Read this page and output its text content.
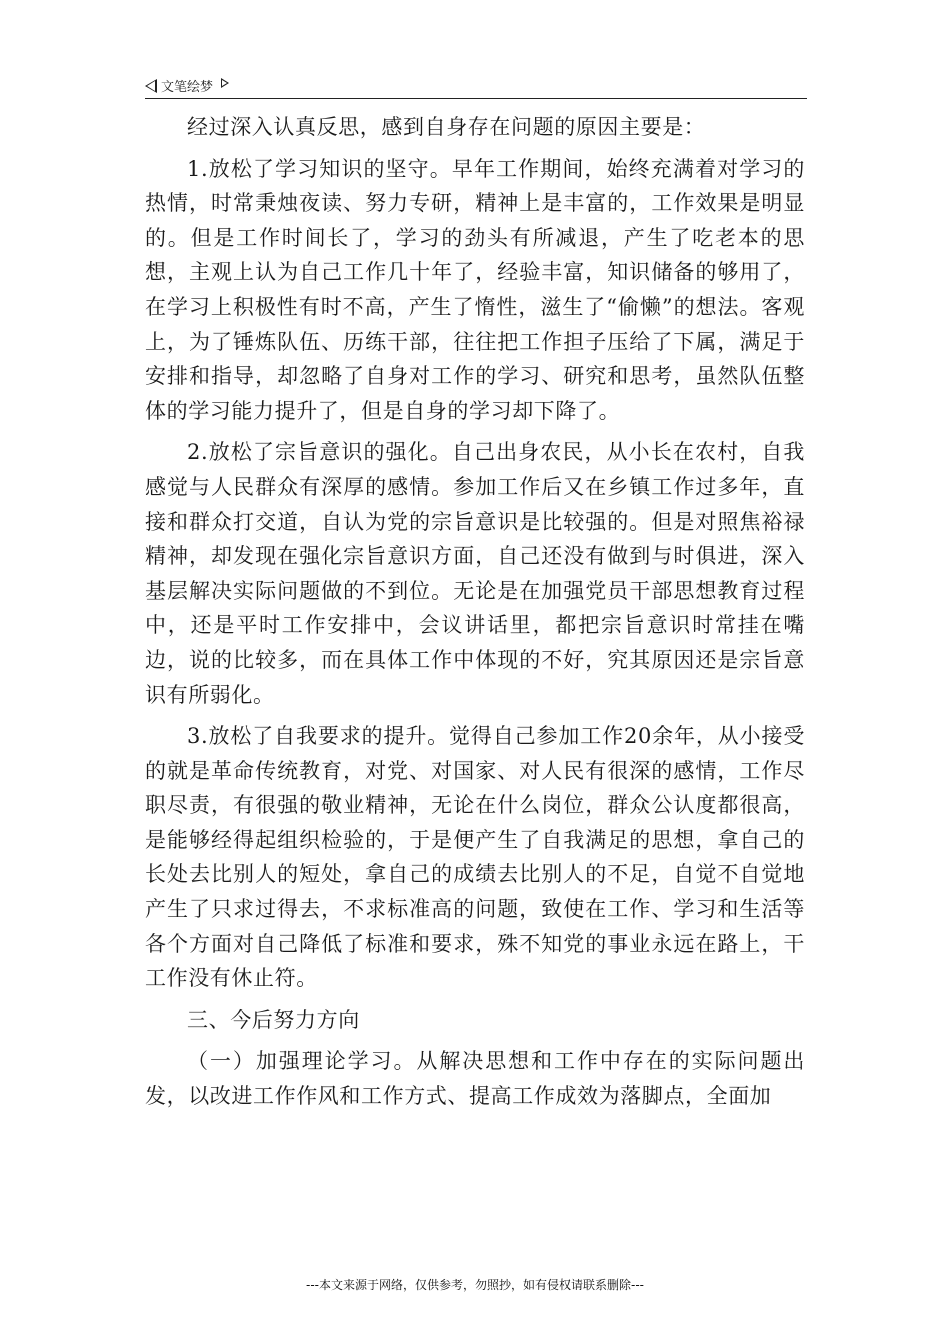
文笔绘梦

经过深入认真反思，感到自身存在问题的原因主要是：

1.放松了学习知识的坚守。早年工作期间，始终充满着对学习的热情，时常秉烛夜读、努力专研，精神上是丰富的，工作效果是明显的。但是工作时间长了，学习的劲头有所减退，产生了吃老本的思想，主观上认为自己工作几十年了，经验丰富，知识储备的够用了，在学习上积极性有时不高，产生了惰性，滋生了“偷懒”的想法。客观上，为了锤炼队伍、历练干部，往往把工作担子压给了下属，满足于安排和指导，却忽略了自身对工作的学习、研究和思考，虽然队伍整体的学习能力提升了，但是自身的学习却下降了。

2.放松了宗旨意识的强化。自己出身农民，从小长在农村，自我感觉与人民群众有深厚的感情。参加工作后又在乡镇工作过多年，直接和群众打交道，自认为党的宗旨意识是比较强的。但是对照焦裕禄精神，却发现在强化宗旨意识方面，自己还没有做到与时俱进，深入基层解决实际问题做的不到位。无论是在加强党员干部思想教育过程中，还是平时工作安排中，会议讲话里，都把宗旨意识时常挂在嘴边，说的比较多，而在具体工作中体现的不好，究其原因还是宗旨意识有所弱化。

3.放松了自我要求的提升。觉得自己参加工作20余年，从小接受的就是革命传统教育，对党、对国家、对人民有很深的感情，工作尽职尽责，有很强的敬业精神，无论在什么岗位，群众公认度都很高，是能够经得起组织检验的，于是便产生了自我满足的思想，拿自己的长处去比别人的短处，拿自己的成绩去比别人的不足，自觉不自觉地产生了只求过得去，不求标准高的问题，致使在工作、学习和生活等各个方面对自己降低了标准和要求，殊不知党的事业永远在路上，干工作没有休止符。

三、今后努力方向

（一）加强理论学习。从解决思想和工作中存在的实际问题出发，以改进工作作风和工作方式、提高工作成效为落脚点，全面加

---本文来源于网络，仅供参考，勿照抄，如有侵权请联系删除---
